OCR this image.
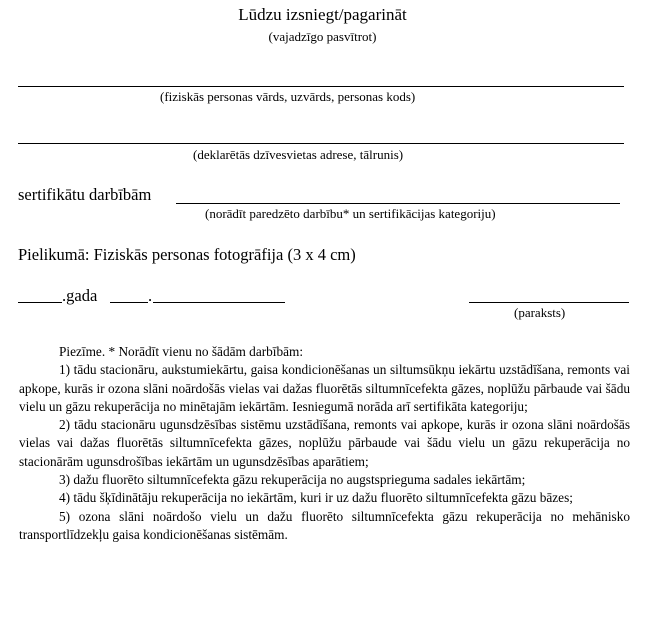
Lūdzu izsniegt/pagarināt
(vajadzīgo pasvītrot)
(fiziskās personas vārds, uzvārds, personas kods)
(deklarētās dzīvesvietas adrese, tālrunis)
sertifikātu darbībām
(norādīt paredzēto darbību* un sertifikācijas kategoriju)
Pielikumā: Fiziskās personas fotogrāfija (3 x 4 cm)
.gada	.
(paraksts)

Piezīme. * Norādīt vienu no šādām darbībām:

1) tādu stacionāru, aukstumiekārtu, gaisa kondicionēšanas un siltumsūkņu iekārtu uzstādīšana, remonts vai apkope, kurās ir ozona slāni noārdošās vielas vai dažas fluorētās siltumnīcefekta gāzes, noplūžu pārbaude vai šādu vielu un gāzu rekuperācija no minētajām iekārtām. Iesniegumā norāda arī sertifikāta kategoriju;

2) tādu stacionāru ugunsdzēsības sistēmu uzstādīšana, remonts vai apkope, kurās ir ozona slāni noārdošās vielas vai dažas fluorētās siltumnīcefekta gāzes, noplūžu pārbaude vai šādu vielu un gāzu rekuperācija no stacionārām ugunsdrošības iekārtām un ugunsdzēsības aparātiem;

3) dažu fluorēto siltumnīcefekta gāzu rekuperācija no augstsprieguma sadales iekārtām;

4) tādu šķīdinātāju rekuperācija no iekārtām, kuri ir uz dažu fluorēto siltumnīcefekta gāzu bāzes;

5) ozona slāni noārdošo vielu un dažu fluorēto siltumnīcefekta gāzu rekuperācija no mehānisko transportlīdzekļu gaisa kondicionēšanas sistēmām.
